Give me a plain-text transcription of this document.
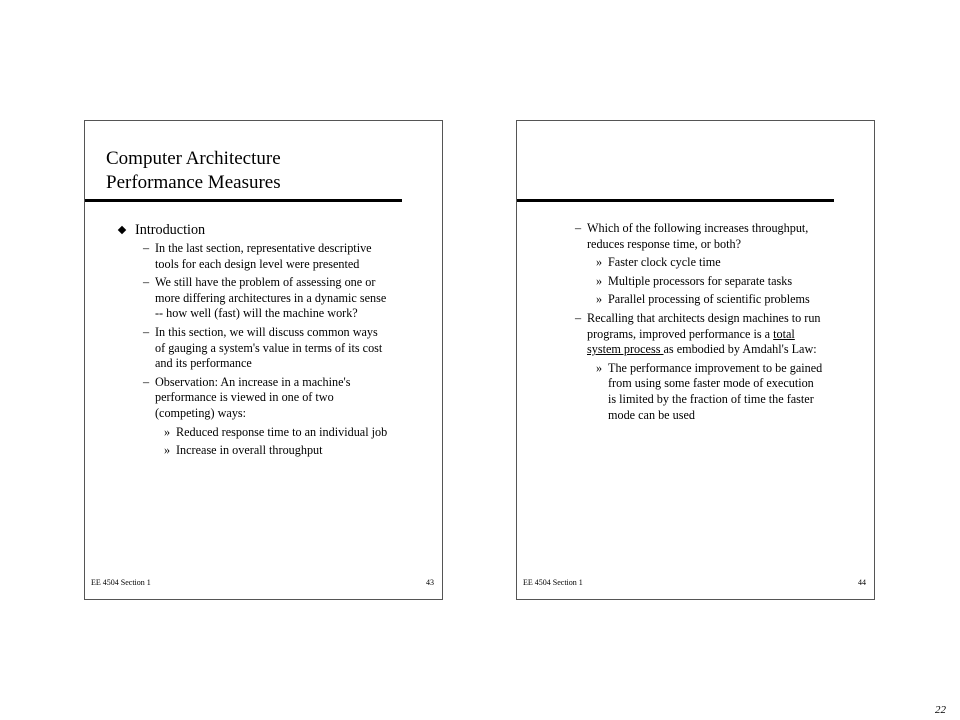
Computer Architecture
Performance Measures
Introduction
– In the last section, representative descriptive
tools for each design level were presented
– We still have the problem of assessing one or
more differing architectures in a dynamic sense
-- how well (fast) will the machine work?
– In this section, we will discuss common ways
of gauging a system's value in terms of its cost
and its performance
– Observation: An increase in a machine's
performance is viewed in one of two
(competing) ways:
» Reduced response time to an individual job
» Increase in overall throughput
EE 4504 Section 1	43
– Which of the following increases throughput,
reduces response time, or both?
» Faster clock cycle time
» Multiple processors for separate tasks
» Parallel processing of scientific problems
– Recalling that architects design machines to run
programs, improved performance is a total
system process as embodied by Amdahl's Law:
» The performance improvement to be gained
from using some faster mode of execution
is limited by the fraction of time the faster
mode can be used
EE 4504 Section 1	44
22
